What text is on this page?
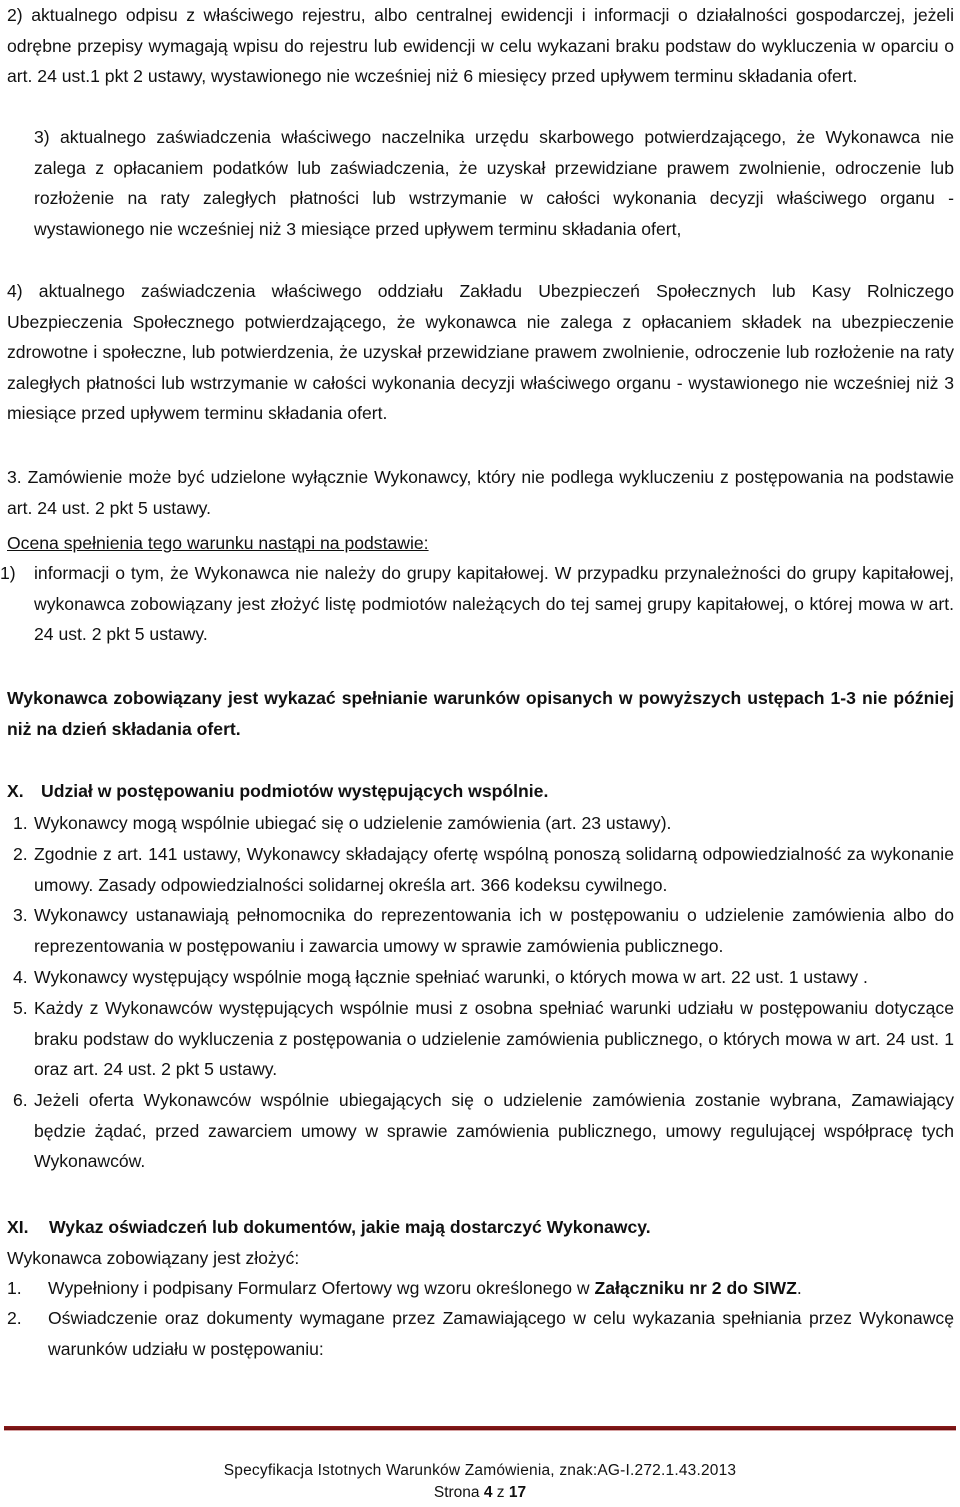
2) aktualnego odpisu z właściwego rejestru, albo centralnej ewidencji i informacji o działalności gospodarczej, jeżeli odrębne przepisy wymagają wpisu do rejestru lub ewidencji w celu wykazani braku podstaw do wykluczenia w oparciu o art. 24 ust.1 pkt 2 ustawy, wystawionego nie wcześniej niż 6 miesięcy przed upływem terminu składania ofert.
3) aktualnego zaświadczenia właściwego naczelnika urzędu skarbowego potwierdzającego, że Wykonawca nie zalega z opłacaniem podatków lub zaświadczenia, że uzyskał przewidziane prawem zwolnienie, odroczenie lub rozłożenie na raty zaległych płatności lub wstrzymanie w całości wykonania decyzji właściwego organu - wystawionego nie wcześniej niż 3 miesiące przed upływem terminu składania ofert,
4) aktualnego zaświadczenia właściwego oddziału Zakładu Ubezpieczeń Społecznych lub Kasy Rolniczego Ubezpieczenia Społecznego potwierdzającego, że wykonawca nie zalega z opłacaniem składek na ubezpieczenie zdrowotne i społeczne, lub potwierdzenia, że uzyskał przewidziane prawem zwolnienie, odroczenie lub rozłożenie na raty zaległych płatności lub wstrzymanie w całości wykonania decyzji właściwego organu - wystawionego nie wcześniej niż 3 miesiące przed upływem terminu składania ofert.
3. Zamówienie może być udzielone wyłącznie Wykonawcy, który nie podlega wykluczeniu z postępowania na podstawie art. 24 ust. 2 pkt 5 ustawy.
Ocena spełnienia tego warunku nastąpi na podstawie:
1) informacji o tym, że Wykonawca nie należy do grupy kapitałowej. W przypadku przynależności do grupy kapitałowej, wykonawca zobowiązany jest złożyć listę podmiotów należących do tej samej grupy kapitałowej, o której mowa w art. 24 ust. 2 pkt 5 ustawy.
Wykonawca zobowiązany jest wykazać spełnianie warunków opisanych w powyższych ustępach 1-3 nie później niż na dzień składania ofert.
X. Udział w postępowaniu podmiotów występujących wspólnie.
1. Wykonawcy mogą wspólnie ubiegać się o udzielenie zamówienia (art. 23 ustawy).
2. Zgodnie z art. 141 ustawy, Wykonawcy składający ofertę wspólną ponoszą solidarną odpowiedzialność za wykonanie umowy. Zasady odpowiedzialności solidarnej określa art. 366 kodeksu cywilnego.
3. Wykonawcy ustanawiają pełnomocnika do reprezentowania ich w postępowaniu o udzielenie zamówienia albo do reprezentowania w postępowaniu i zawarcia umowy w sprawie zamówienia publicznego.
4. Wykonawcy występujący wspólnie mogą łącznie spełniać warunki, o których mowa w art. 22 ust. 1 ustawy .
5. Każdy z Wykonawców występujących wspólnie musi z osobna spełniać warunki udziału w postępowaniu dotyczące braku podstaw do wykluczenia z postępowania o udzielenie zamówienia publicznego, o których mowa w art. 24 ust. 1 oraz art. 24 ust. 2 pkt 5 ustawy.
6. Jeżeli oferta Wykonawców wspólnie ubiegających się o udzielenie zamówienia zostanie wybrana, Zamawiający będzie żądać, przed zawarciem umowy w sprawie zamówienia publicznego, umowy regulującej współpracę tych Wykonawców.
XI. Wykaz oświadczeń lub dokumentów, jakie mają dostarczyć Wykonawcy.
Wykonawca zobowiązany jest złożyć:
1. Wypełniony i podpisany Formularz Ofertowy wg wzoru określonego w Załączniku nr 2 do SIWZ.
2. Oświadczenie oraz dokumenty wymagane przez Zamawiającego w celu wykazania spełniania przez Wykonawcę warunków udziału w postępowaniu:
Specyfikacja Istotnych Warunków Zamówienia, znak:AG-I.272.1.43.2013
Strona 4 z 17
